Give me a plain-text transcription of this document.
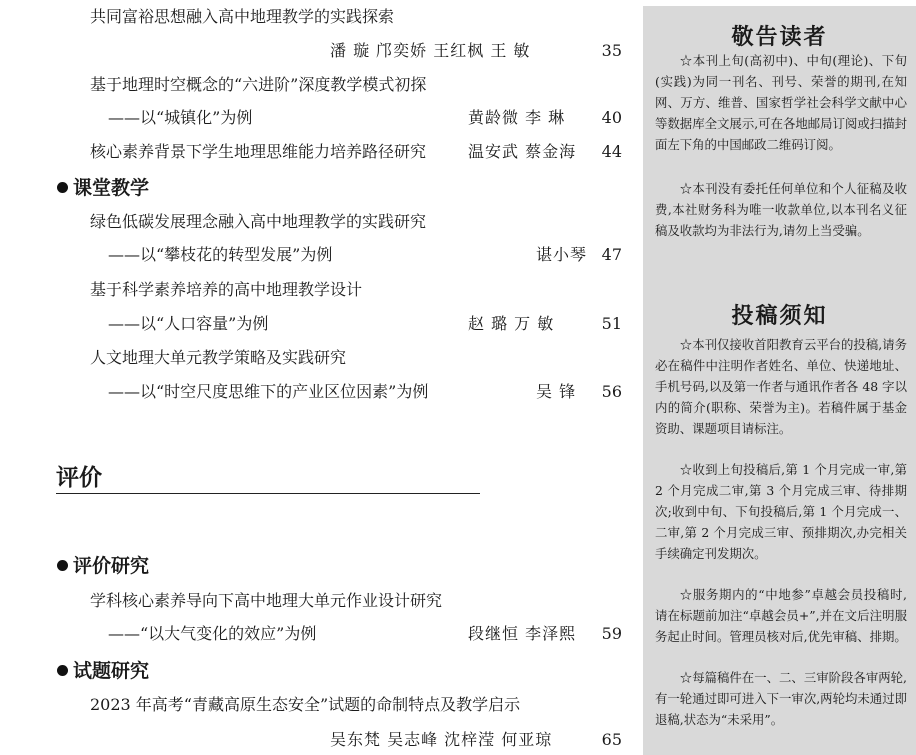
共同富裕思想融入高中地理教学的实践探索
潘 璇 邝奕娇 王红枫 王 敏	35
基于地理时空概念的“六进阶”深度教学模式初探
——以“城镇化”为例	黄龄微 李 琳	40
核心素养背景下学生地理思维能力培养路径研究	温安武 蔡金海	44
课堂教学
绿色低碳发展理念融入高中地理教学的实践研究
——以“攀枝花的转型发展”为例	谌小琴 47
基于科学素养培养的高中地理教学设计
——以“人口容量”为例	赵 璐 万 敏	51
人文地理大单元教学策略及实践研究
——以“时空尺度思维下的产业区位因素”为例	吴 锋	56
评价
评价研究
学科核心素养导向下高中地理大单元作业设计研究
——“以大气变化的效应”为例	段继恒 李泽熙	59
试题研究
2023 年高考“青藏高原生态安全”试题的命制特点及教学启示
吴东梵 吴志峰 沈梓滢 何亚琼	65
敬告读者
☆本刊上旬(高初中)、中旬(理论)、下旬(实践)为同一刊名、刊号、荣誉的期刊,在知网、万方、维普、国家哲学社会科学文献中心等数据库全文展示,可在各地邮局订阅或扫描封面左下角的中国邮政二维码订阅。
☆本刊没有委托任何单位和个人征稿及收费,本社财务科为唯一收款单位,以本刊名义征稿及收款均为非法行为,请勿上当受骗。
投稿须知
☆本刊仅接收首阳教育云平台的投稿,请务必在稿件中注明作者姓名、单位、快递地址、手机号码,以及第一作者与通讯作者各 48 字以内的简介(职称、荣誉为主)。若稿件属于基金资助、课题项目请标注。
☆收到上旬投稿后,第 1 个月完成一审,第 2 个月完成二审,第 3 个月完成三审、待排期次;收到中旬、下旬投稿后,第 1 个月完成一、二审,第 2 个月完成三审、预排期次,办完相关手续确定刊发期次。
☆服务期内的“中地参”卓越会员投稿时,请在标题前加注“卓越会员+”,并在文后注明服务起止时间。管理员核对后,优先审稿、排期。
☆每篇稿件在一、二、三审阶段各审两轮,有一轮通过即可进入下一审次,两轮均未通过即退稿,状态为“未采用”。
